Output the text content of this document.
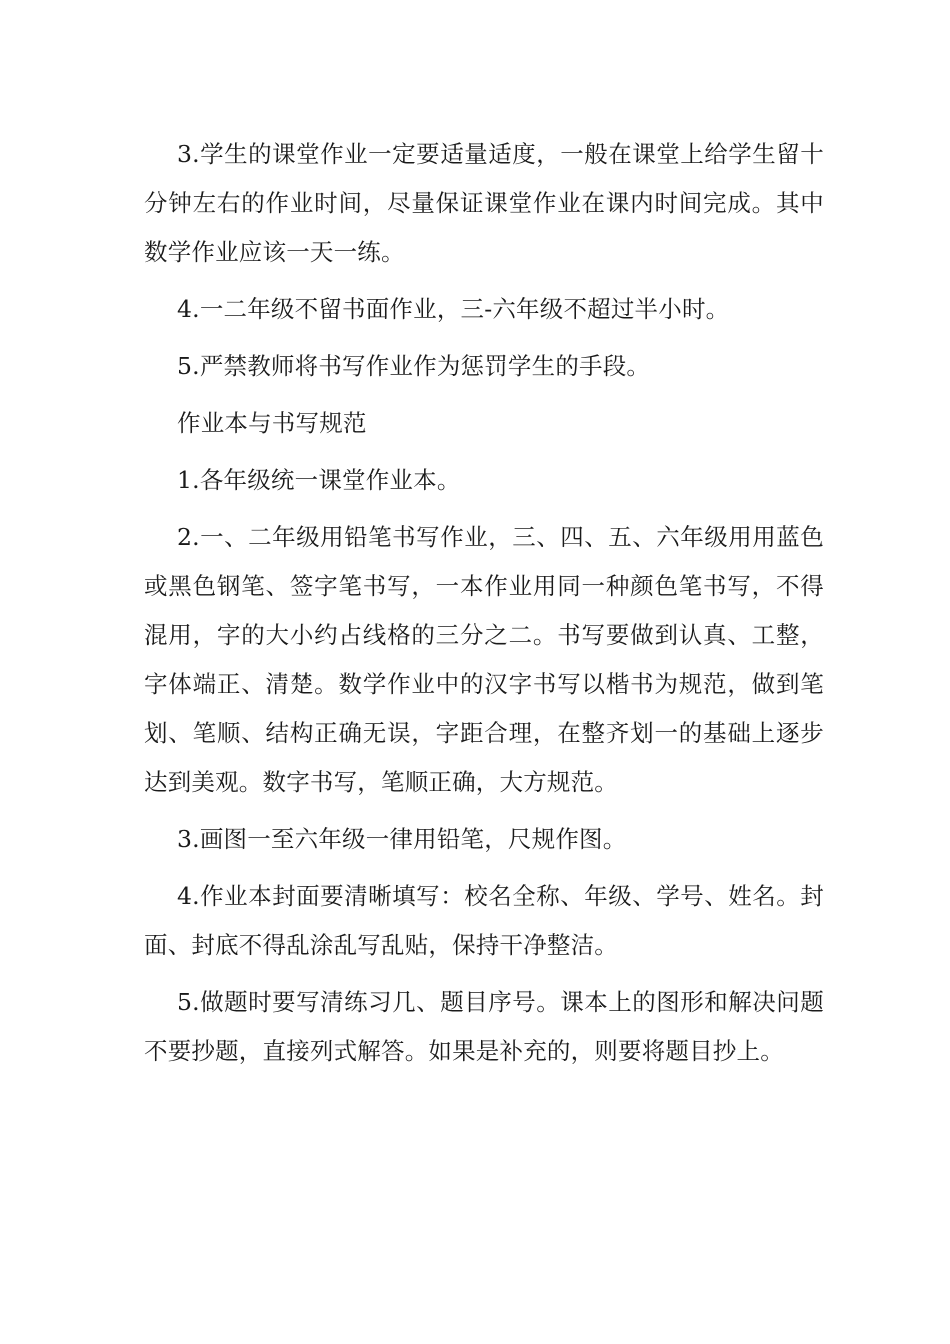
3.学生的课堂作业一定要适量适度，一般在课堂上给学生留十分钟左右的作业时间，尽量保证课堂作业在课内时间完成。其中数学作业应该一天一练。

4.一二年级不留书面作业，三-六年级不超过半小时。

5.严禁教师将书写作业作为惩罚学生的手段。

作业本与书写规范

1.各年级统一课堂作业本。

2.一、二年级用铅笔书写作业，三、四、五、六年级用用蓝色或黑色钢笔、签字笔书写，一本作业用同一种颜色笔书写，不得混用，字的大小约占线格的三分之二。书写要做到认真、工整，字体端正、清楚。数学作业中的汉字书写以楷书为规范，做到笔划、笔顺、结构正确无误，字距合理，在整齐划一的基础上逐步达到美观。数字书写，笔顺正确，大方规范。

3.画图一至六年级一律用铅笔，尺规作图。

4.作业本封面要清晰填写：校名全称、年级、学号、姓名。封面、封底不得乱涂乱写乱贴，保持干净整洁。

5.做题时要写清练习几、题目序号。课本上的图形和解决问题不要抄题，直接列式解答。如果是补充的，则要将题目抄上。
